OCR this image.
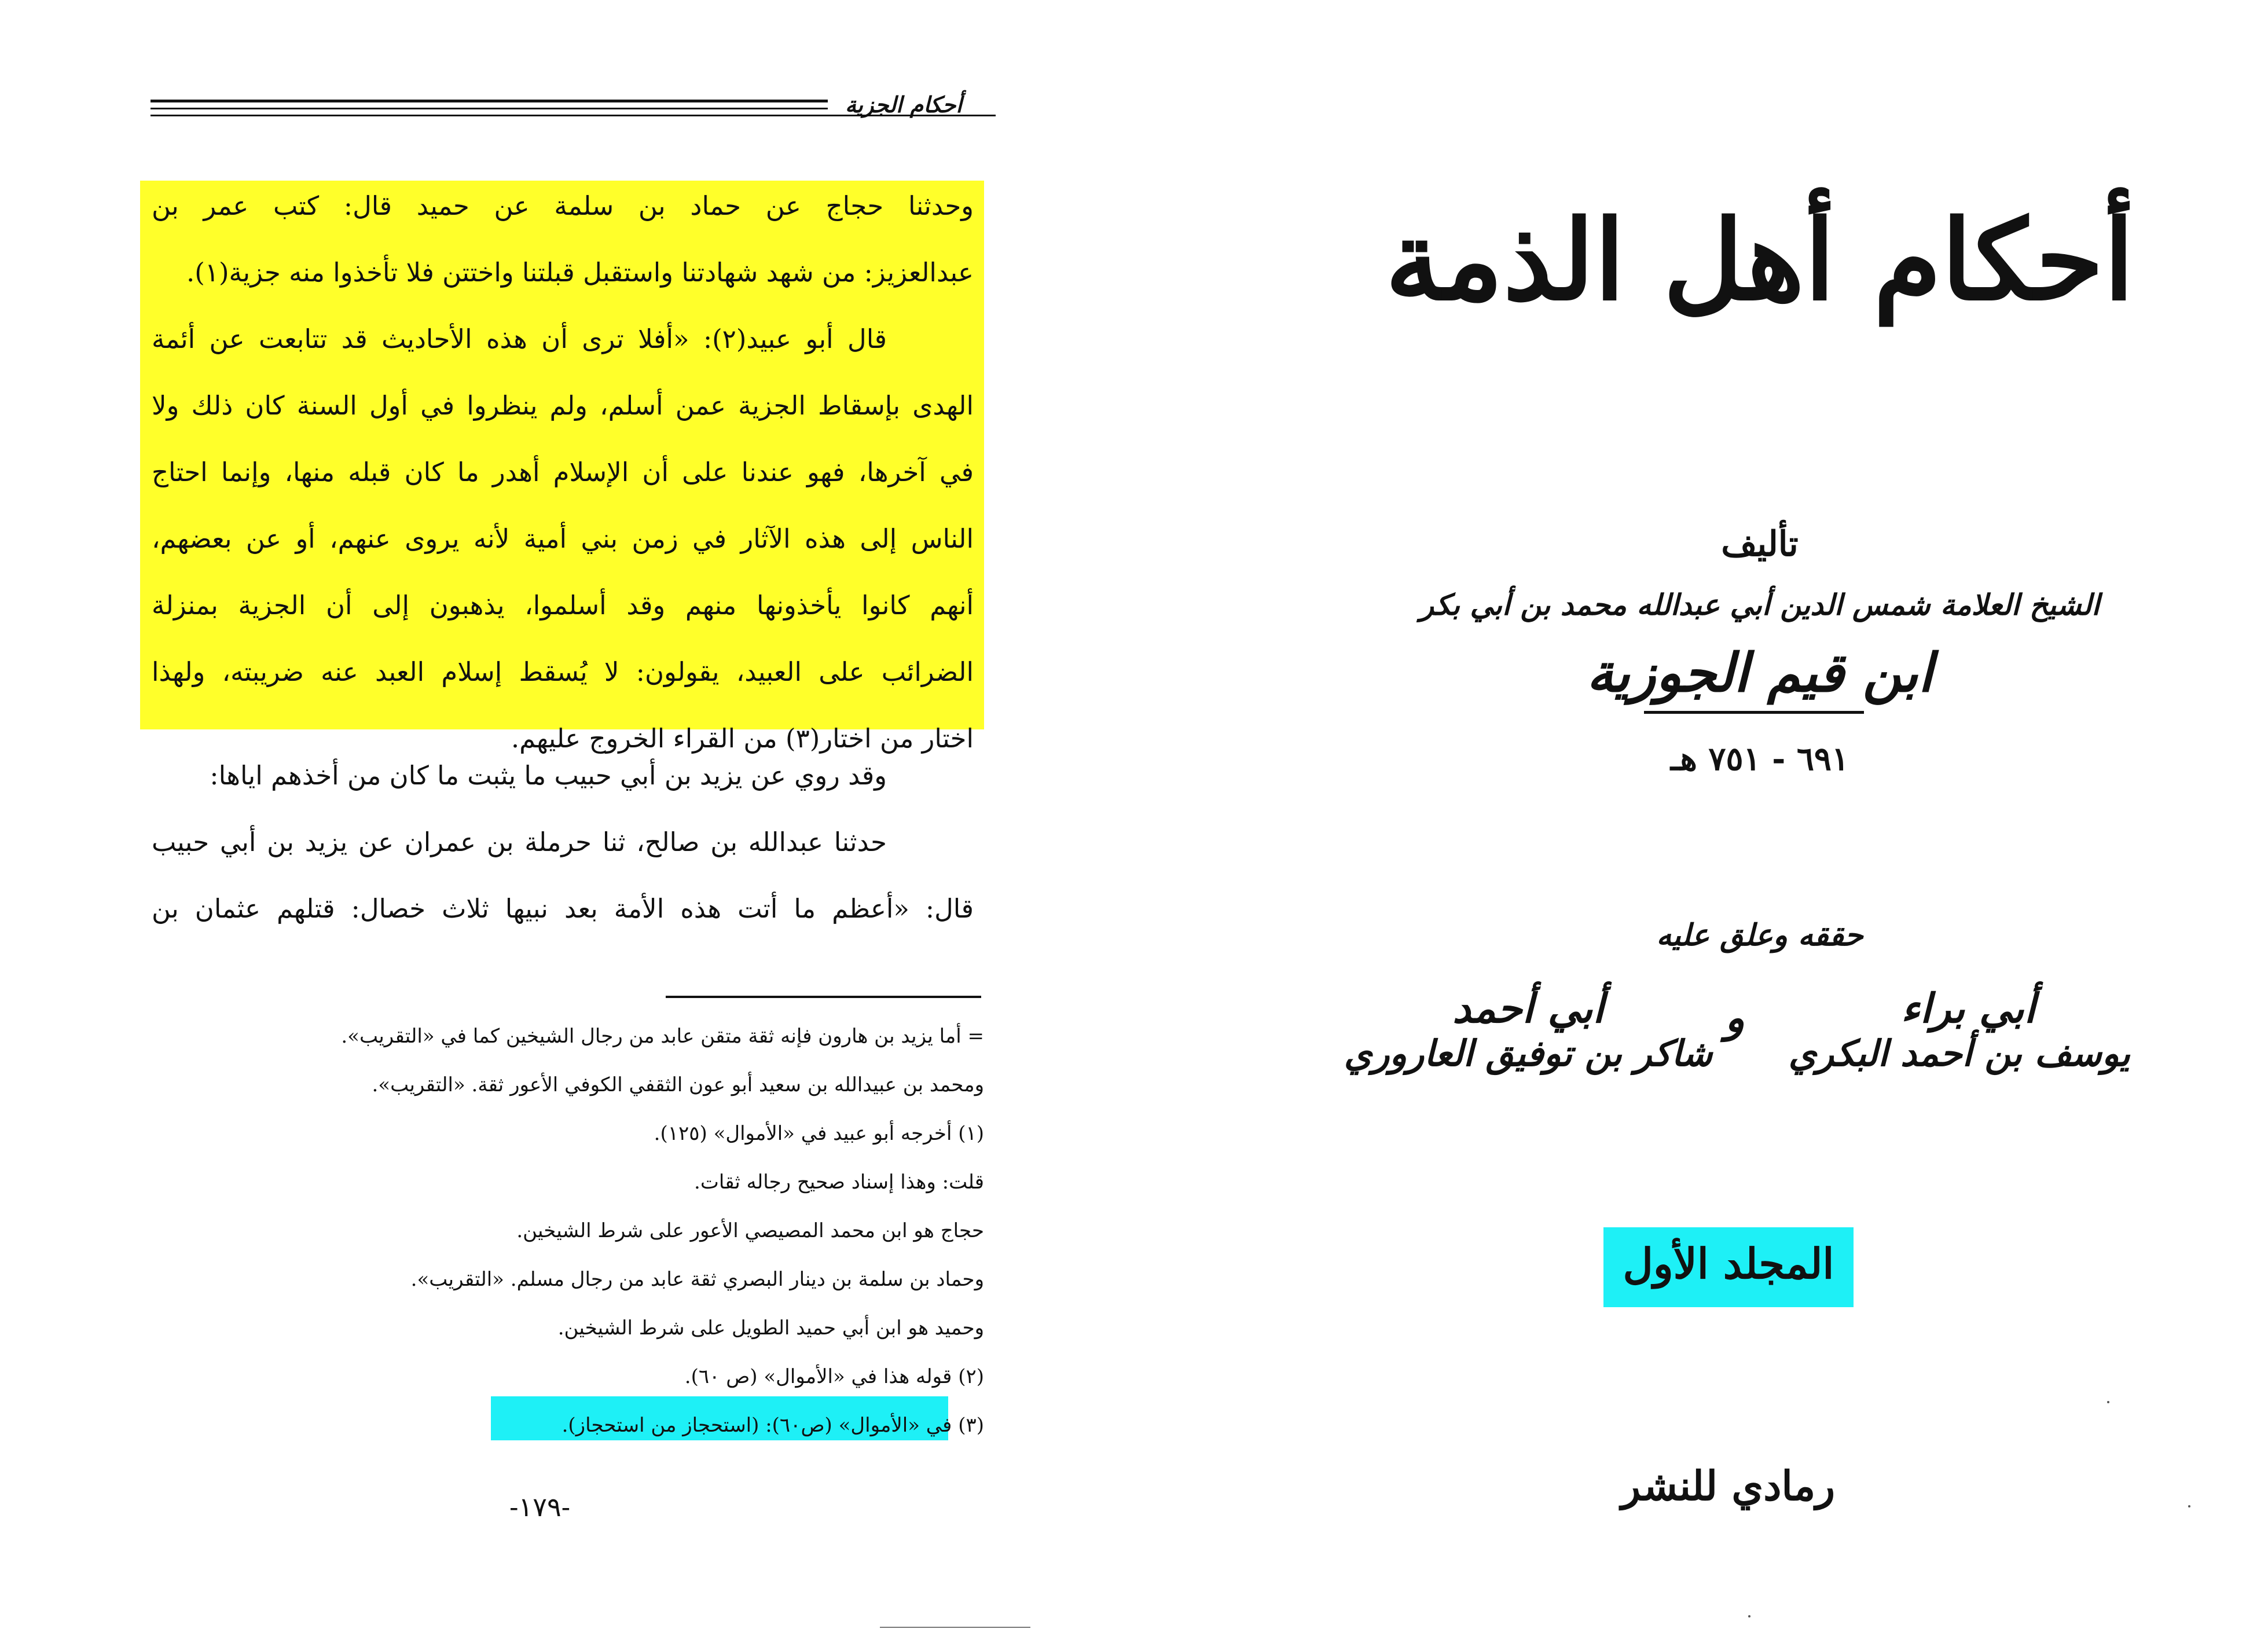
أحكام الجزية
وحدثنا حجاج عن حماد بن سلمة عن حميد قال: كتب عمر بن
عبدالعزيز: من شهد شهادتنا واستقبل قبلتنا واختتن فلا تأخذوا منه جزية(١).
قال أبو عبيد(٢): «أفلا ترى أن هذه الأحاديث قد تتابعت عن أئمة
الهدى بإسقاط الجزية عمن أسلم، ولم ينظروا في أول السنة كان ذلك ولا
في آخرها، فهو عندنا على أن الإسلام أهدر ما كان قبله منها، وإنما احتاج
الناس إلى هذه الآثار في زمن بني أمية لأنه يروى عنهم، أو عن بعضهم،
أنهم كانوا يأخذونها منهم وقد أسلموا، يذهبون إلى أن الجزية بمنزلة
الضرائب على العبيد، يقولون: لا يُسقط إسلام العبد عنه ضريبته، ولهذا
اختار من اختار(٣) من القراء الخروج عليهم.
وقد روي عن يزيد بن أبي حبيب ما يثبت ما كان من أخذهم اياها:
حدثنا عبدالله بن صالح، ثنا حرملة بن عمران عن يزيد بن أبي حبيب
قال: «أعظم ما أتت هذه الأمة بعد نبيها ثلاث خصال: قتلهم عثمان بن
= أما يزيد بن هارون فإنه ثقة متقن عابد من رجال الشيخين كما في «التقريب».
ومحمد بن عبيدالله بن سعيد أبو عون الثقفي الكوفي الأعور ثقة. «التقريب».
(١) أخرجه أبو عبيد في «الأموال» (١٢٥).
قلت: وهذا إسناد صحيح رجاله ثقات.
حجاج هو ابن محمد المصيصي الأعور على شرط الشيخين.
وحماد بن سلمة بن دينار البصري ثقة عابد من رجال مسلم. «التقريب».
وحميد هو ابن أبي حميد الطويل على شرط الشيخين.
(٢) قوله هذا في «الأموال» (ص ٦٠).
(٣) في «الأموال» (ص٦٠): (استحجاز من استحجاز).
-١٧٩-
أحكام أهل الذمة
تأليف
الشيخ العلامة شمس الدين أبي عبدالله محمد بن أبي بكر
ابن قيم الجوزية
٦٩١ - ٧٥١ هـ
حققه وعلق عليه
أبي براء
يوسف بن أحمد البكري
و
أبي أحمد
شاكر بن توفيق العاروري
المجلد الأول
رمادي للنشر
